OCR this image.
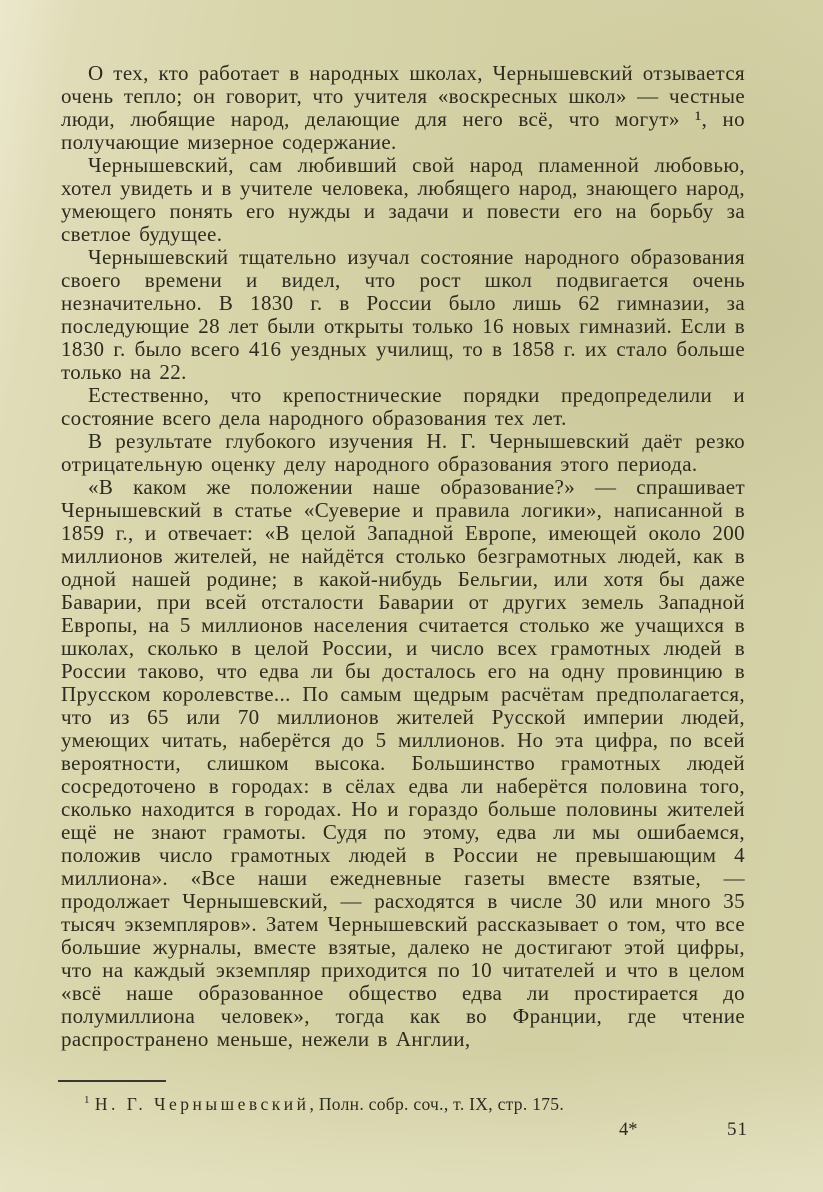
О тех, кто работает в народных школах, Чернышевский отзывается очень тепло; он говорит, что учителя «воскресных школ» — честные люди, любящие народ, делающие для него всё, что могут» ¹, но получающие мизерное содержание.

Чернышевский, сам любивший свой народ пламенной любовью, хотел увидеть и в учителе человека, любящего народ, знающего народ, умеющего понять его нужды и задачи и повести его на борьбу за светлое будущее.

Чернышевский тщательно изучал состояние народного образования своего времени и видел, что рост школ подвигается очень незначительно. В 1830 г. в России было лишь 62 гимназии, за последующие 28 лет были открыты только 16 новых гимназий. Если в 1830 г. было всего 416 уездных училищ, то в 1858 г. их стало больше только на 22.

Естественно, что крепостнические порядки предопределили и состояние всего дела народного образования тех лет.

В результате глубокого изучения Н. Г. Чернышевский даёт резко отрицательную оценку делу народного образования этого периода.

«В каком же положении наше образование?» — спрашивает Чернышевский в статье «Суеверие и правила логики», написанной в 1859 г., и отвечает: «В целой Западной Европе, имеющей около 200 миллионов жителей, не найдётся столько безграмотных людей, как в одной нашей родине; в какой-нибудь Бельгии, или хотя бы даже Баварии, при всей отсталости Баварии от других земель Западной Европы, на 5 миллионов населения считается столько же учащихся в школах, сколько в целой России, и число всех грамотных людей в России таково, что едва ли бы досталось его на одну провинцию в Прусском королевстве... По самым щедрым расчётам предполагается, что из 65 или 70 миллионов жителей Русской империи людей, умеющих читать, наберётся до 5 миллионов. Но эта цифра, по всей вероятности, слишком высока. Большинство грамотных людей сосредоточено в городах: в сёлах едва ли наберётся половина того, сколько находится в городах. Но и гораздо больше половины жителей ещё не знают грамоты. Судя по этому, едва ли мы ошибаемся, положив число грамотных людей в России не превышающим 4 миллиона». «Все наши ежедневные газеты вместе взятые, — продолжает Чернышевский, — расходятся в числе 30 или много 35 тысяч экземпляров». Затем Чернышевский рассказывает о том, что все большие журналы, вместе взятые, далеко не достигают этой цифры, что на каждый экземпляр приходится по 10 читателей и что в целом «всё наше образованное общество едва ли простирается до полумиллиона человек», тогда как во Франции, где чтение распространено меньше, нежели в Англии,

$^1$ Н. Г. Чернышевский, Полн. собр. соч., т. IX, стр. 175.

4*	51
